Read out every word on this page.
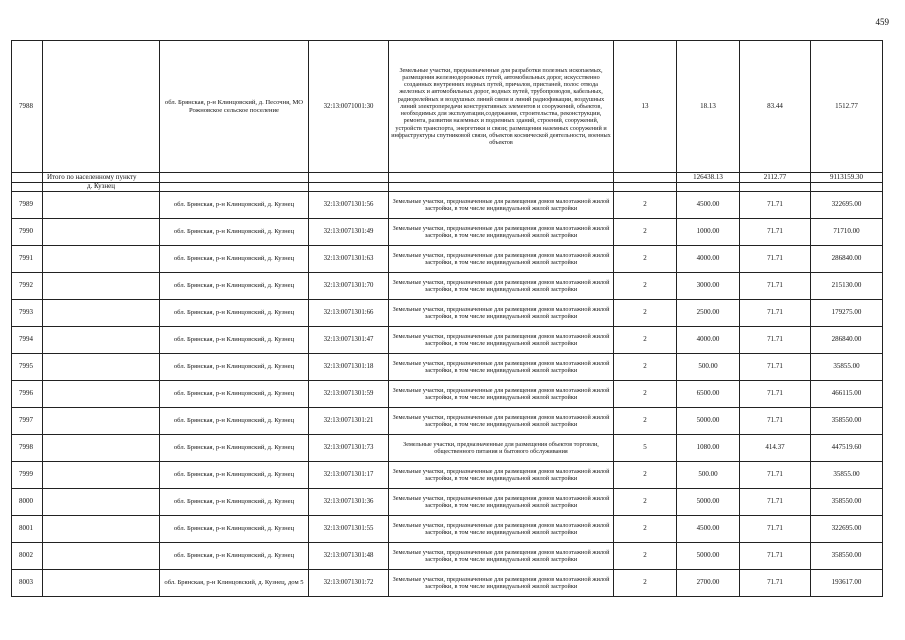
459
7988		обл. Брянская, р-н Клинцовский, д. Песочня, МО Рожновское сельское поселение	32:13:0071001:30	Земельные участки, предназначенные для разработки полезных ископаемых, размещения железнодорожных путей, автомобильных дорог, искусственно созданных внутренних водных путей, причалов, пристаней, полос отвода железных и автомобильных дорог, водных путей, трубопроводов, кабельных, радиорелейных и воздушных линий связи и линий радиофикации, воздушных линий электропередачи конструктивных элементов и сооружений, объектов, необходимых для эксплуатации,содержания, строительства, реконструкции, ремонта, развития наземных и подземных зданий, строений, сооружений, устройств транспорта, энергетики и связи; размещения наземных сооружений и инфраструктуры спутниковой связи, объектов космической деятельности, военных объектов	13	18.13	83.44	1512.77
	Итого по населенному пункту					126438.13	2112.77	9113159.30
	д. Кузнец							
7989		обл. Брянская, р-н Клинцовский, д. Кузнец	32:13:0071301:56	Земельные участки, предназначенные для размещения домов малоэтажной жилой застройки, в том числе индивидуальной жилой застройки	2	4500.00	71.71	322695.00
7990		обл. Брянская, р-н Клинцовский, д. Кузнец	32:13:0071301:49	Земельные участки, предназначенные для размещения домов малоэтажной жилой застройки, в том числе индивидуальной жилой застройки	2	1000.00	71.71	71710.00
7991		обл. Брянская, р-н Клинцовский, д. Кузнец	32:13:0071301:63	Земельные участки, предназначенные для размещения домов малоэтажной жилой застройки, в том числе индивидуальной жилой застройки	2	4000.00	71.71	286840.00
7992		обл. Брянская, р-н Клинцовский, д. Кузнец	32:13:0071301:70	Земельные участки, предназначенные для размещения домов малоэтажной жилой застройки, в том числе индивидуальной жилой застройки	2	3000.00	71.71	215130.00
7993		обл. Брянская, р-н Клинцовский, д. Кузнец	32:13:0071301:66	Земельные участки, предназначенные для размещения домов малоэтажной жилой застройки, в том числе индивидуальной жилой застройки	2	2500.00	71.71	179275.00
7994		обл. Брянская, р-н Клинцовский, д. Кузнец	32:13:0071301:47	Земельные участки, предназначенные для размещения домов малоэтажной жилой застройки, в том числе индивидуальной жилой застройки	2	4000.00	71.71	286840.00
7995		обл. Брянская, р-н Клинцовский, д. Кузнец	32:13:0071301:18	Земельные участки, предназначенные для размещения домов малоэтажной жилой застройки, в том числе индивидуальной жилой застройки	2	500.00	71.71	35855.00
7996		обл. Брянская, р-н Клинцовский, д. Кузнец	32:13:0071301:59	Земельные участки, предназначенные для размещения домов малоэтажной жилой застройки, в том числе индивидуальной жилой застройки	2	6500.00	71.71	466115.00
7997		обл. Брянская, р-н Клинцовский, д. Кузнец	32:13:0071301:21	Земельные участки, предназначенные для размещения домов малоэтажной жилой застройки, в том числе индивидуальной жилой застройки	2	5000.00	71.71	358550.00
7998		обл. Брянская, р-н Клинцовский, д. Кузнец	32:13:0071301:73	Земельные участки, предназначенные для размещения объектов торговли, общественного питания и бытового обслуживания	5	1080.00	414.37	447519.60
7999		обл. Брянская, р-н Клинцовский, д. Кузнец	32:13:0071301:17	Земельные участки, предназначенные для размещения домов малоэтажной жилой застройки, в том числе индивидуальной жилой застройки	2	500.00	71.71	35855.00
8000		обл. Брянская, р-н Клинцовский, д. Кузнец	32:13:0071301:36	Земельные участки, предназначенные для размещения домов малоэтажной жилой застройки, в том числе индивидуальной жилой застройки	2	5000.00	71.71	358550.00
8001		обл. Брянская, р-н Клинцовский, д. Кузнец	32:13:0071301:55	Земельные участки, предназначенные для размещения домов малоэтажной жилой застройки, в том числе индивидуальной жилой застройки	2	4500.00	71.71	322695.00
8002		обл. Брянская, р-н Клинцовский, д. Кузнец	32:13:0071301:48	Земельные участки, предназначенные для размещения домов малоэтажной жилой застройки, в том числе индивидуальной жилой застройки	2	5000.00	71.71	358550.00
8003		обл. Брянская, р-н Клинцовский, д. Кузнец, дом 5	32:13:0071301:72	Земельные участки, предназначенные для размещения домов малоэтажной жилой застройки, в том числе индивидуальной жилой застройки	2	2700.00	71.71	193617.00
